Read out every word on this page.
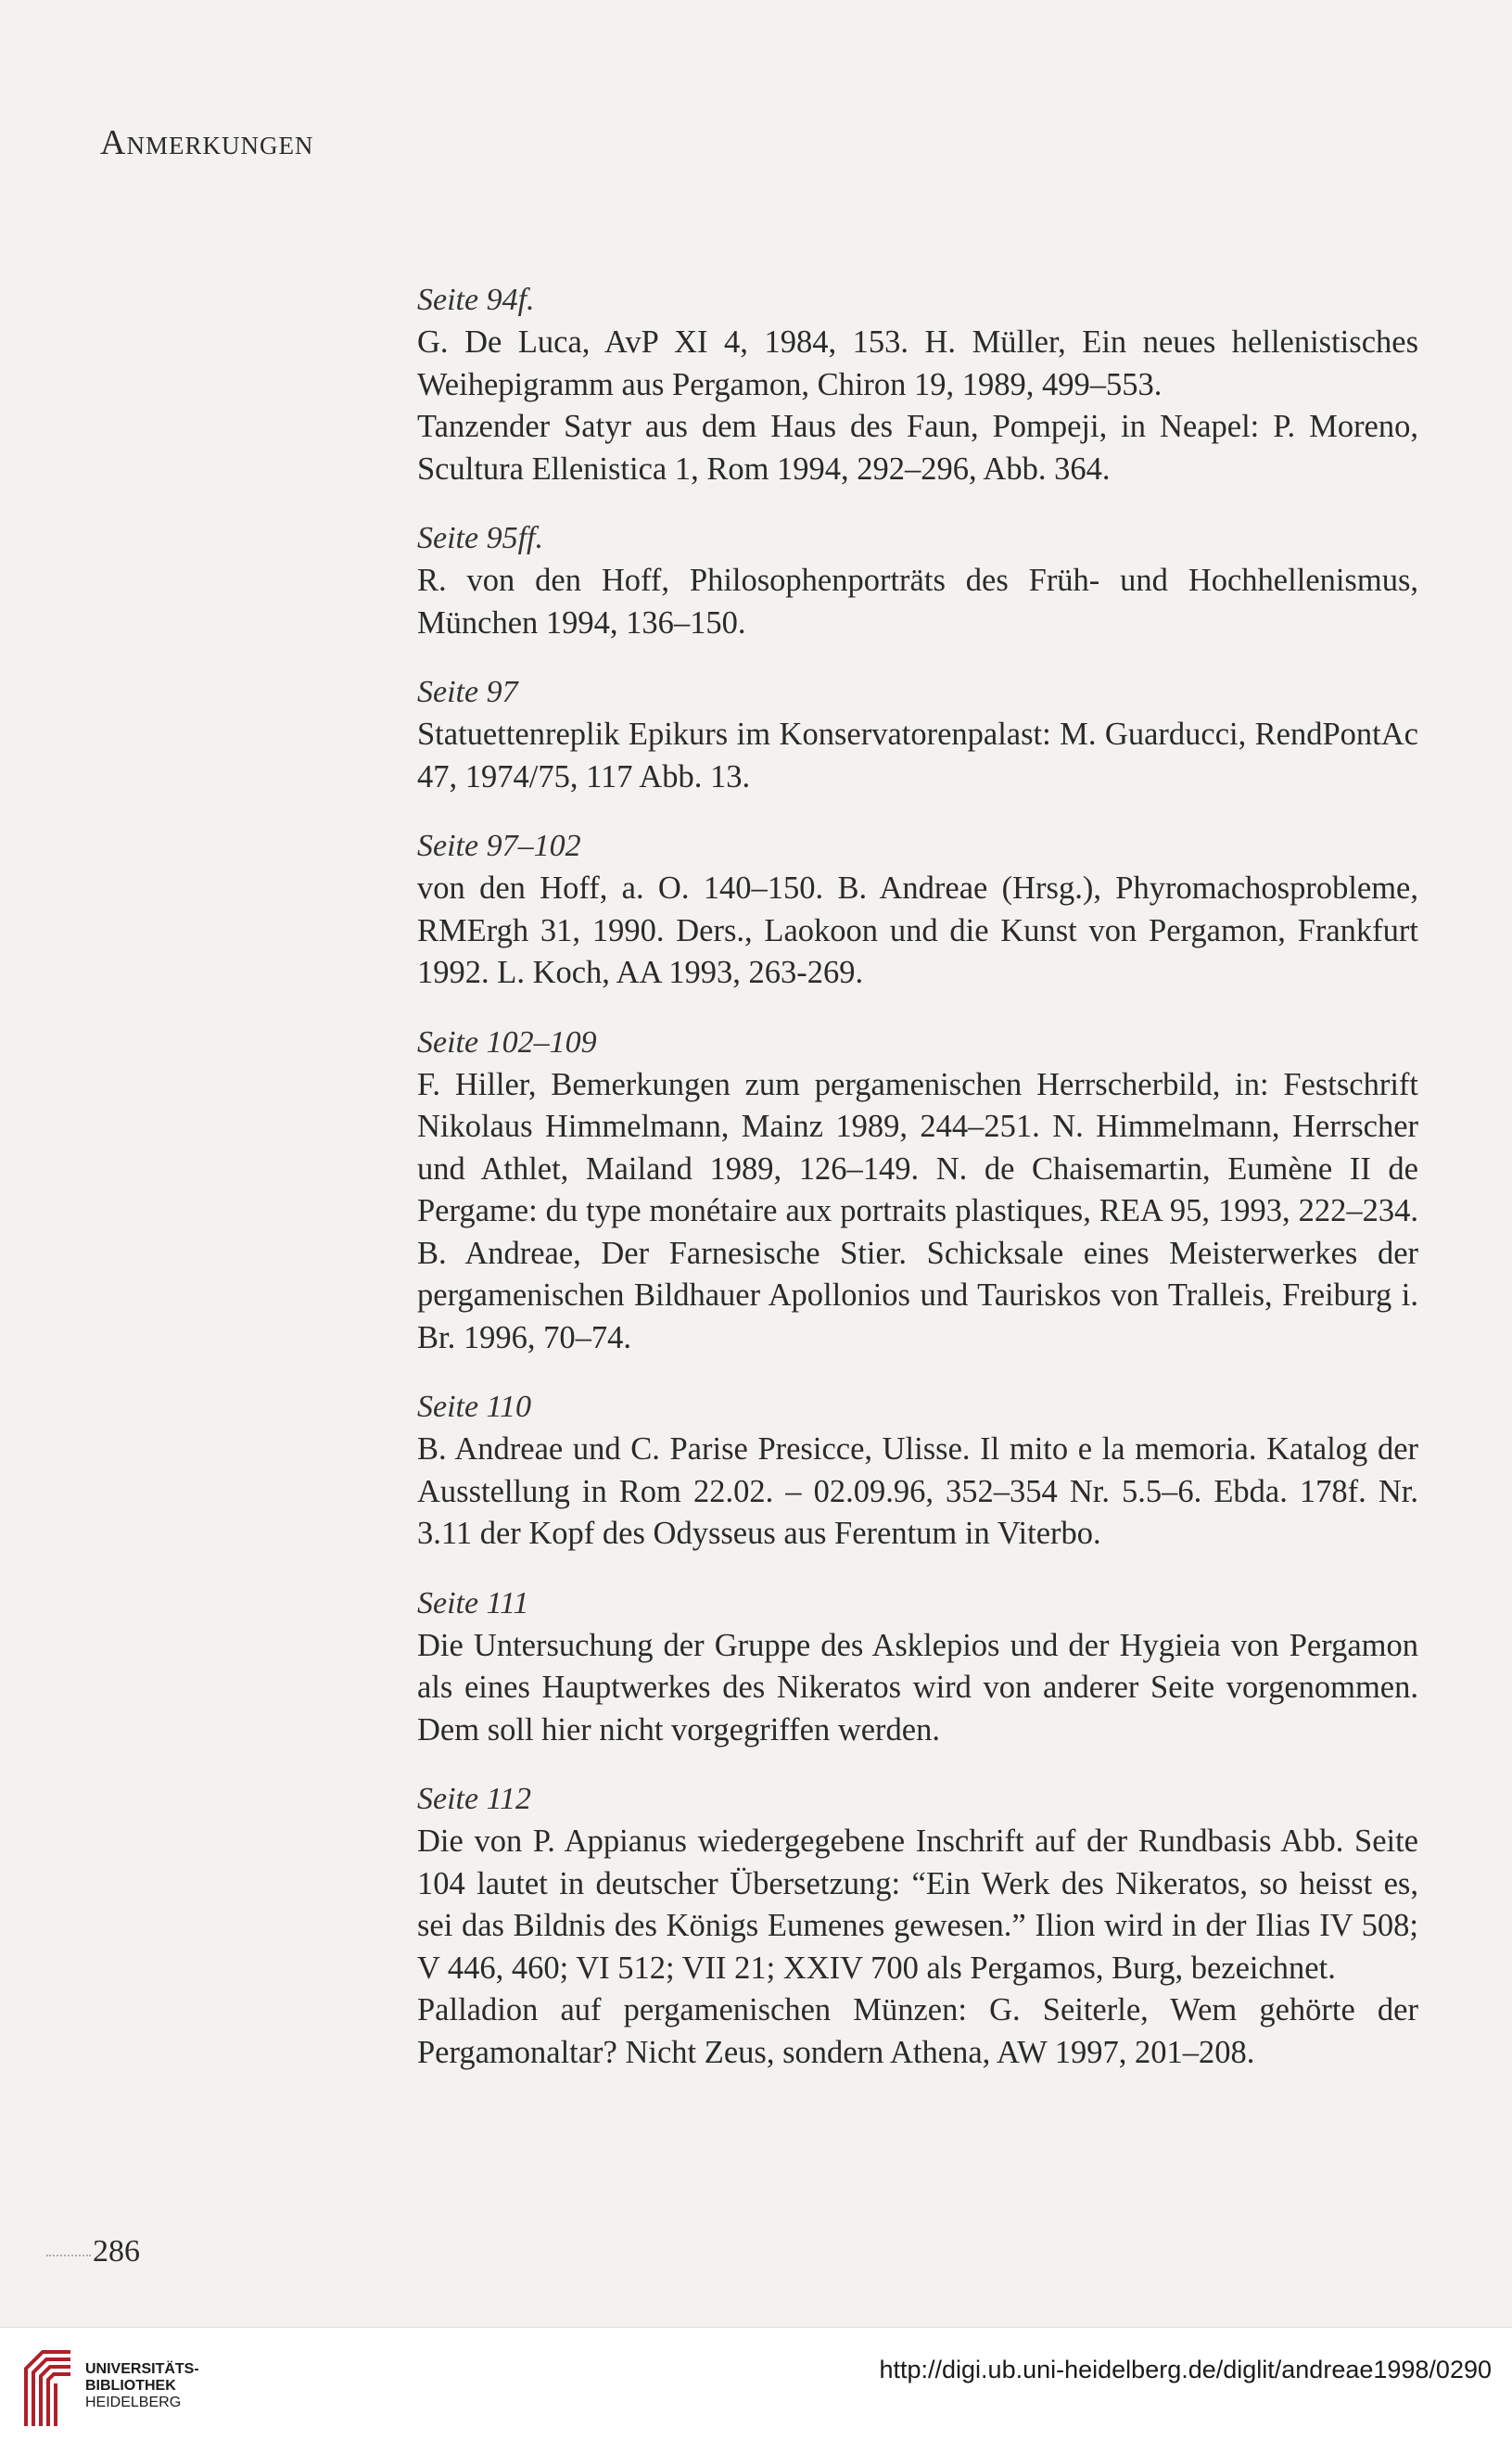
Anmerkungen
Seite 94f.

G. De Luca, AvP XI 4, 1984, 153. H. Müller, Ein neues hellenistisches Weihepigramm aus Pergamon, Chiron 19, 1989, 499–553.

Tanzender Satyr aus dem Haus des Faun, Pompeji, in Neapel: P. Moreno, Scultura Ellenistica 1, Rom 1994, 292–296, Abb. 364.

Seite 95ff.

R. von den Hoff, Philosophenporträts des Früh- und Hochhellenismus, München 1994, 136–150.

Seite 97

Statuettenreplik Epikurs im Konservatorenpalast: M. Guarducci, RendPontAc 47, 1974/75, 117 Abb. 13.

Seite 97–102

von den Hoff, a. O. 140–150. B. Andreae (Hrsg.), Phyromachosprobleme, RMErgh 31, 1990. Ders., Laokoon und die Kunst von Pergamon, Frankfurt 1992. L. Koch, AA 1993, 263-269.

Seite 102–109

F. Hiller, Bemerkungen zum pergamenischen Herrscherbild, in: Festschrift Nikolaus Himmelmann, Mainz 1989, 244–251. N. Himmelmann, Herrscher und Athlet, Mailand 1989, 126–149. N. de Chaisemartin, Eumène II de Pergame: du type monétaire aux portraits plastiques, REA 95, 1993, 222–234. B. Andreae, Der Farnesische Stier. Schicksale eines Meisterwerkes der pergamenischen Bildhauer Apollonios und Tauriskos von Tralleis, Freiburg i. Br. 1996, 70–74.

Seite 110

B. Andreae und C. Parise Presicce, Ulisse. Il mito e la memoria. Katalog der Ausstellung in Rom 22.02. – 02.09.96, 352–354 Nr. 5.5–6. Ebda. 178f. Nr. 3.11 der Kopf des Odysseus aus Ferentum in Viterbo.

Seite 111

Die Untersuchung der Gruppe des Asklepios und der Hygieia von Pergamon als eines Hauptwerkes des Nikeratos wird von anderer Seite vorgenommen. Dem soll hier nicht vorgegriffen werden.

Seite 112

Die von P. Appianus wiedergegebene Inschrift auf der Rundbasis Abb. Seite 104 lautet in deutscher Übersetzung: “Ein Werk des Nikeratos, so heisst es, sei das Bildnis des Königs Eumenes gewesen.” Ilion wird in der Ilias IV 508; V 446, 460; VI 512; VII 21; XXIV 700 als Pergamos, Burg, bezeichnet.

Palladion auf pergamenischen Münzen: G. Seiterle, Wem gehörte der Pergamonaltar? Nicht Zeus, sondern Athena, AW 1997, 201–208.

286
UNIVERSITÄTS-
BIBLIOTHEK
HEIDELBERG
http://digi.ub.uni-heidelberg.de/diglit/andreae1998/0290
